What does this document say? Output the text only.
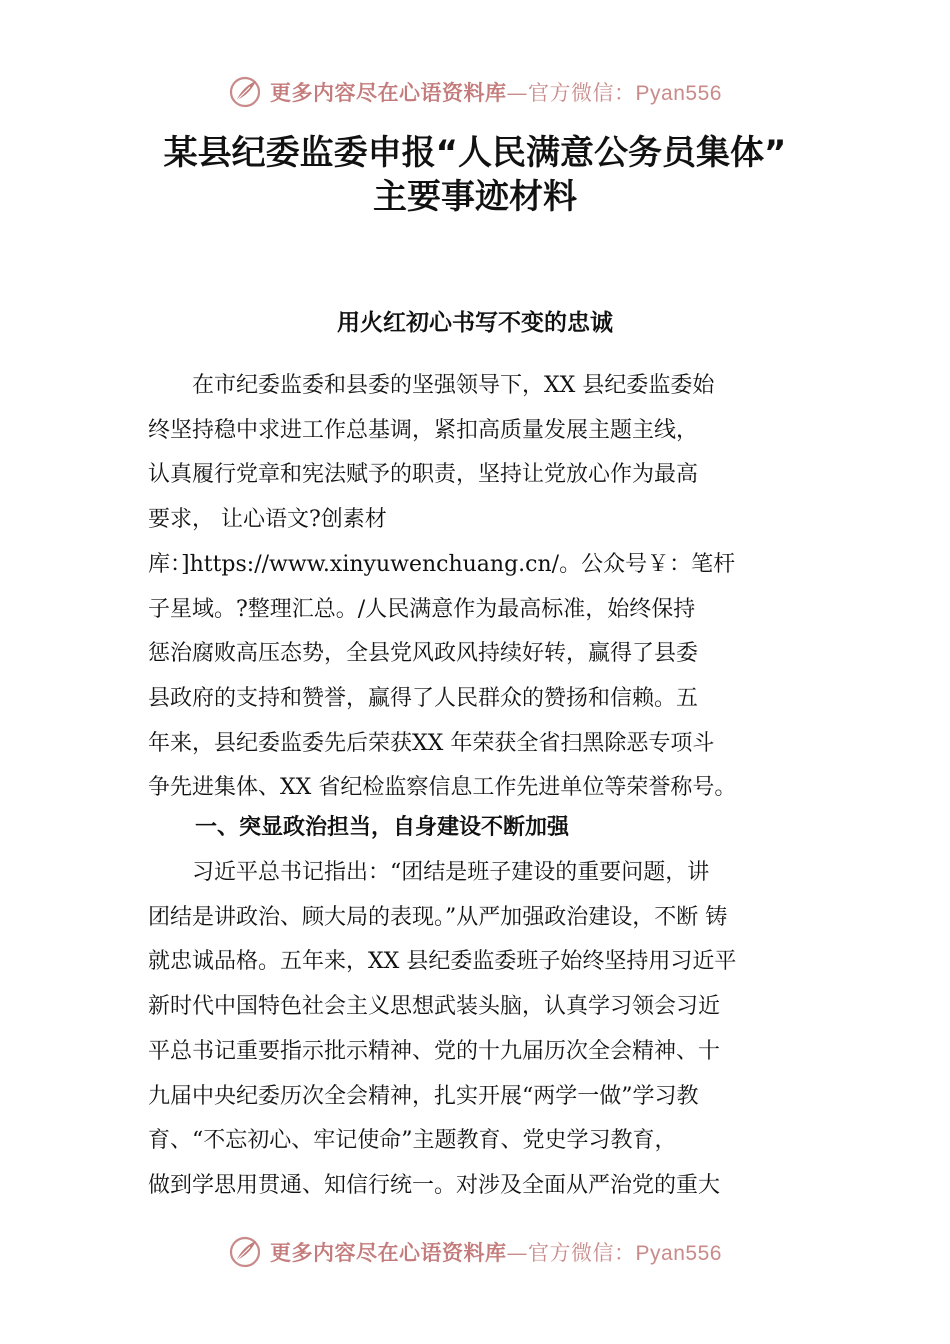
更多内容尽在心语资料库—官方微信：Pyan556
某县纪委监委申报“人民满意公务员集体”
主要事迹材料
用火红初心书写不变的忠诚
在市纪委监委和县委的坚强领导下，XX 县纪委监委始
终坚持稳中求进工作总基调，紧扣高质量发展主题主线，
认真履行党章和宪法赋予的职责，坚持让党放心作为最高
要求， 让心语文?创素材
库：]https://www.xinyuwenchuang.cn/。公众号￥：笔杆
子星域。?整理汇总。/人民满意作为最高标准，始终保持
惩治腐败高压态势，全县党风政风持续好转，赢得了县委
县政府的支持和赞誉，赢得了人民群众的赞扬和信赖。五
年来，县纪委监委先后荣获XX 年荣获全省扫黑除恶专项斗
争先进集体、XX 省纪检监察信息工作先进单位等荣誉称号。
一、突显政治担当，自身建设不断加强
习近平总书记指出：“团结是班子建设的重要问题，讲
团结是讲政治、顾大局的表现。”从严加强政治建设，不断 铸
就忠诚品格。五年来，XX 县纪委监委班子始终坚持用习近平
新时代中国特色社会主义思想武装头脑，认真学习领会习近
平总书记重要指示批示精神、党的十九届历次全会精神、十
九届中央纪委历次全会精神，扎实开展“两学一做”学习教
育、“不忘初心、牢记使命”主题教育、党史学习教育，
做到学思用贯通、知信行统一。对涉及全面从严治党的重大
更多内容尽在心语资料库—官方微信：Pyan556
